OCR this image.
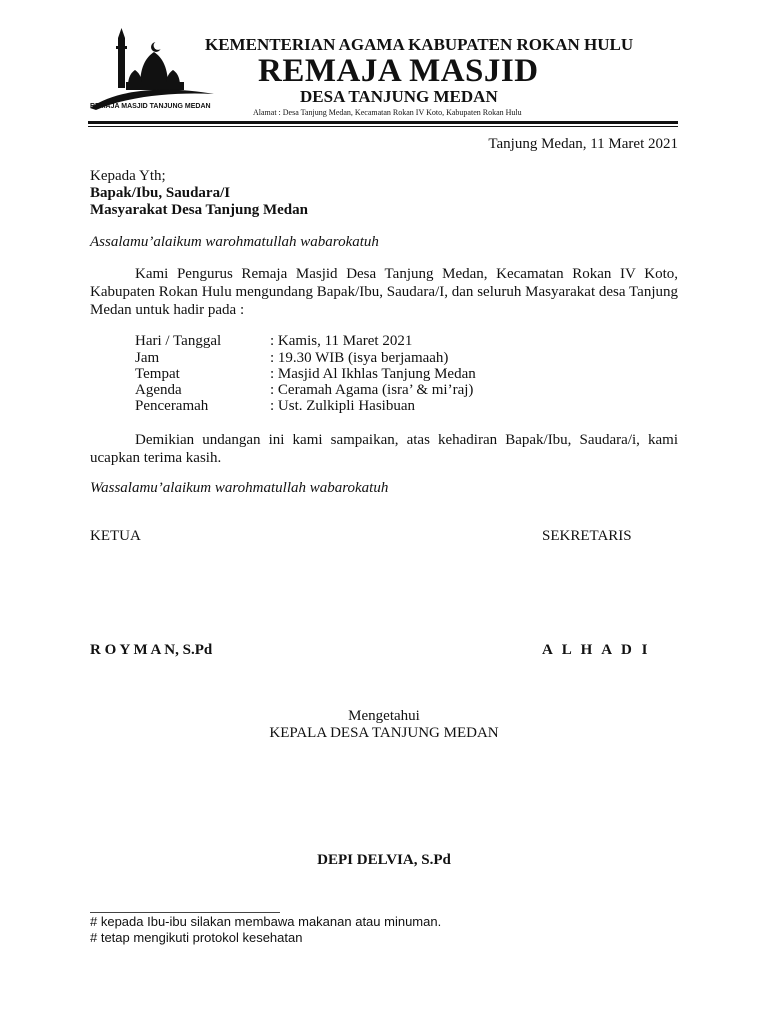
REMAJA MASJID TANJUNG MEDAN
KEMENTERIAN AGAMA KABUPATEN ROKAN HULU
REMAJA MASJID
DESA TANJUNG MEDAN
Alamat : Desa Tanjung Medan, Kecamatan Rokan IV Koto, Kabupaten Rokan Hulu
Tanjung Medan, 11 Maret 2021
Kepada Yth;
Bapak/Ibu, Saudara/I
Masyarakat Desa Tanjung Medan
Assalamu’alaikum warohmatullah wabarokatuh
Kami Pengurus Remaja Masjid Desa Tanjung Medan, Kecamatan Rokan IV Koto, Kabupaten Rokan Hulu mengundang Bapak/Ibu, Saudara/I, dan seluruh Masyarakat desa Tanjung Medan untuk hadir pada :
Hari / Tanggal	: Kamis, 11 Maret 2021
Jam	: 19.30 WIB (isya berjamaah)
Tempat	: Masjid Al Ikhlas Tanjung Medan
Agenda	: Ceramah Agama (isra’ & mi’raj)
Penceramah	: Ust. Zulkipli Hasibuan
Demikian undangan ini kami sampaikan, atas kehadiran Bapak/Ibu, Saudara/i, kami ucapkan terima kasih.
Wassalamu’alaikum warohmatullah wabarokatuh
KETUA	SEKRETARIS
R O Y M A N, S.Pd	A L H A D I
Mengetahui
KEPALA DESA TANJUNG MEDAN
DEPI DELVIA, S.Pd
# kepada Ibu-ibu silakan membawa makanan atau minuman.
# tetap mengikuti protokol kesehatan
